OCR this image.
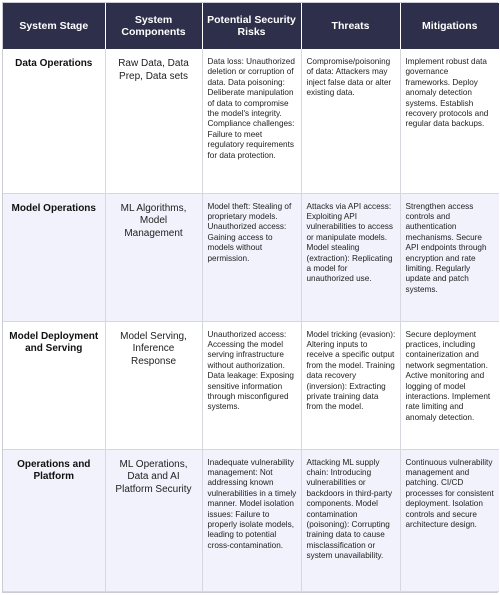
System Stage	System Components	Potential Security Risks	Threats	Mitigations
Data Operations	Raw Data, Data Prep, Data sets	Data loss: Unauthorized deletion or corruption of data. Data poisoning: Deliberate manipulation of data to compromise the model's integrity. Compliance challenges: Failure to meet regulatory requirements for data protection.	Compromise/poisoning of data: Attackers may inject false data or alter existing data.	Implement robust data governance frameworks. Deploy anomaly detection systems. Establish recovery protocols and regular data backups.
Model Operations	ML Algorithms, Model Management	Model theft: Stealing of proprietary models. Unauthorized access: Gaining access to models without permission.	Attacks via API access: Exploiting API vulnerabilities to access or manipulate models. Model stealing (extraction): Replicating a model for unauthorized use.	Strengthen access controls and authentication mechanisms. Secure API endpoints through encryption and rate limiting. Regularly update and patch systems.
Model Deployment and Serving	Model Serving, Inference Response	Unauthorized access: Accessing the model serving infrastructure without authorization. Data leakage: Exposing sensitive information through misconfigured systems.	Model tricking (evasion): Altering inputs to receive a specific output from the model. Training data recovery (inversion): Extracting private training data from the model.	Secure deployment practices, including containerization and network segmentation. Active monitoring and logging of model interactions. Implement rate limiting and anomaly detection.
Operations and Platform	ML Operations, Data and AI Platform Security	Inadequate vulnerability management: Not addressing known vulnerabilities in a timely manner. Model isolation issues: Failure to properly isolate models, leading to potential cross-contamination.	Attacking ML supply chain: Introducing vulnerabilities or backdoors in third-party components. Model contamination (poisoning): Corrupting training data to cause misclassification or system unavailability.	Continuous vulnerability management and patching. CI/CD processes for consistent deployment. Isolation controls and secure architecture design.
